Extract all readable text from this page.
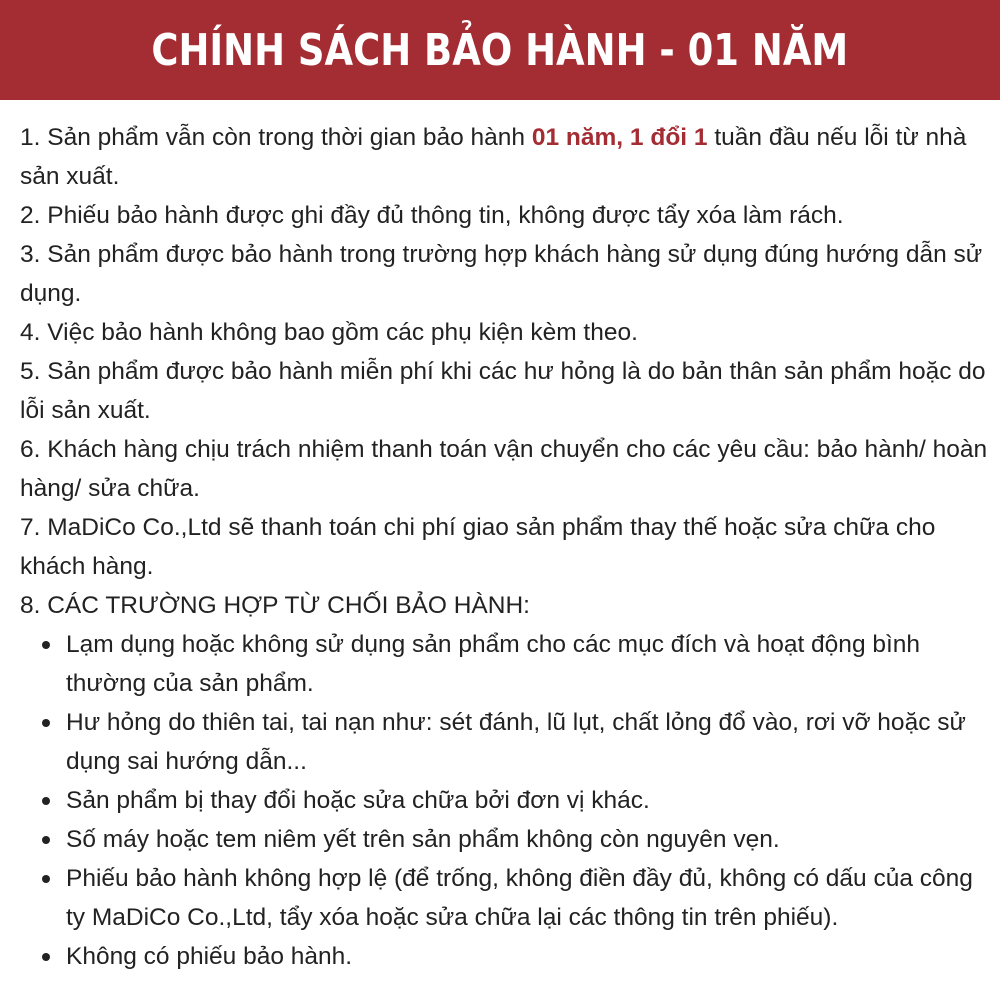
CHÍNH SÁCH BẢO HÀNH - 01 NĂM

1. Sản phẩm vẫn còn trong thời gian bảo hành 01 năm, 1 đổi 1 tuần đầu nếu lỗi từ nhà sản xuất.

2. Phiếu bảo hành được ghi đầy đủ thông tin, không được tẩy xóa làm rách.

3. Sản phẩm được bảo hành trong trường hợp khách hàng sử dụng đúng hướng dẫn sử dụng.

4. Việc bảo hành không bao gồm các phụ kiện kèm theo.

5. Sản phẩm được bảo hành miễn phí khi các hư hỏng là do bản thân sản phẩm hoặc do lỗi sản xuất.

6. Khách hàng chịu trách nhiệm thanh toán vận chuyển cho các yêu cầu: bảo hành/ hoàn hàng/ sửa chữa.

7. MaDiCo Co.,Ltd sẽ thanh toán chi phí giao sản phẩm thay thế hoặc sửa chữa cho khách hàng.

8. CÁC TRƯỜNG HỢP TỪ CHỐI BẢO HÀNH:

Lạm dụng hoặc không sử dụng sản phẩm cho các mục đích và hoạt động bình thường của sản phẩm.
Hư hỏng do thiên tai, tai nạn như: sét đánh, lũ lụt, chất lỏng đổ vào, rơi vỡ hoặc sử dụng sai hướng dẫn...
Sản phẩm bị thay đổi hoặc sửa chữa bởi đơn vị khác.
Số máy hoặc tem niêm yết trên sản phẩm không còn nguyên vẹn.
Phiếu bảo hành không hợp lệ (để trống, không điền đầy đủ, không có dấu của công ty MaDiCo Co.,Ltd, tẩy xóa hoặc sửa chữa lại các thông tin trên phiếu).
Không có phiếu bảo hành.
